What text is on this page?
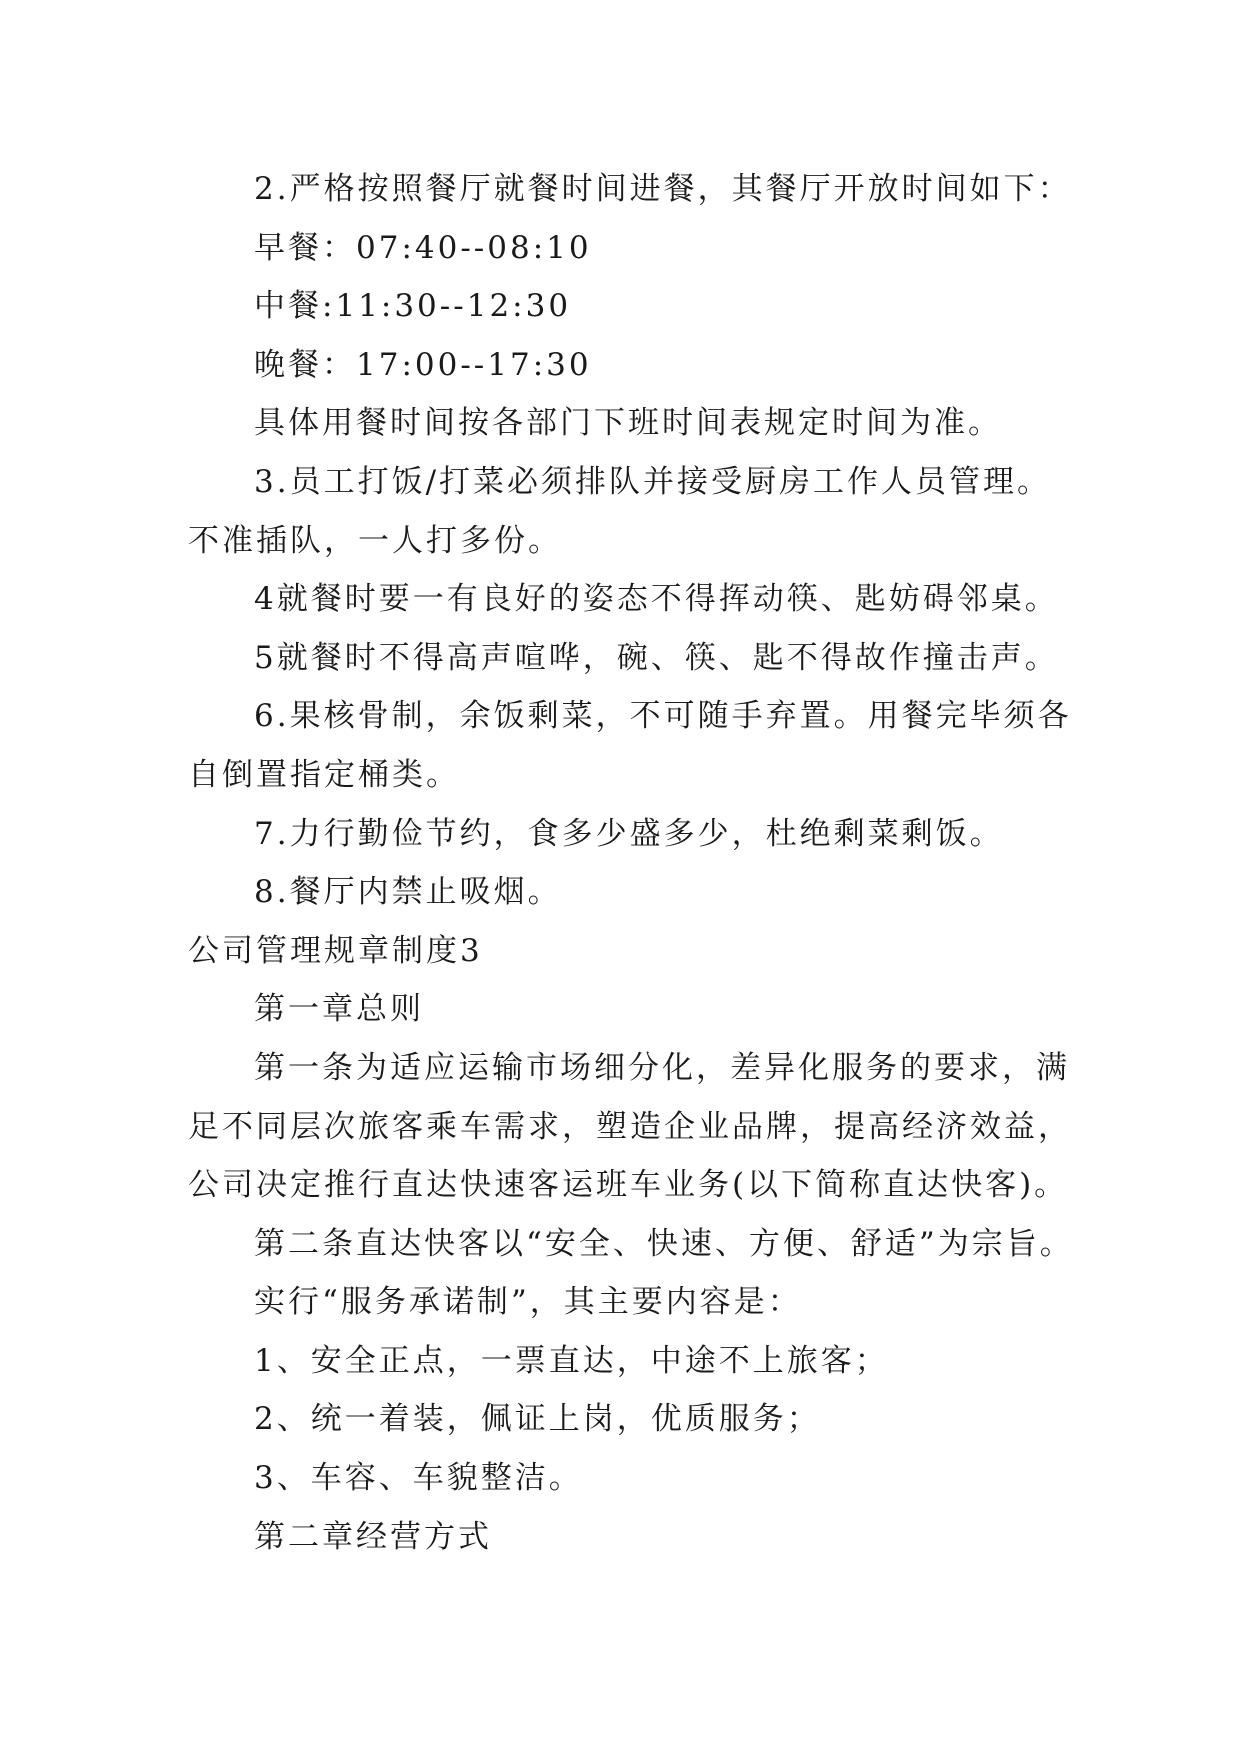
2.严格按照餐厅就餐时间进餐，其餐厅开放时间如下：
早餐：07:40--08:10
中餐:11:30--12:30
晚餐：17:00--17:30
具体用餐时间按各部门下班时间表规定时间为准。
3.员工打饭/打菜必须排队并接受厨房工作人员管理。
不准插队，一人打多份。
4就餐时要一有良好的姿态不得挥动筷、匙妨碍邻桌。
5就餐时不得高声喧哗，碗、筷、匙不得故作撞击声。
6.果核骨制，余饭剩菜，不可随手弃置。用餐完毕须各
自倒置指定桶类。
7.力行勤俭节约，食多少盛多少，杜绝剩菜剩饭。
8.餐厅内禁止吸烟。
公司管理规章制度3
第一章总则
第一条为适应运输市场细分化，差异化服务的要求，满
足不同层次旅客乘车需求，塑造企业品牌，提高经济效益，
公司决定推行直达快速客运班车业务(以下简称直达快客)。
第二条直达快客以“安全、快速、方便、舒适”为宗旨。
实行“服务承诺制”，其主要内容是：
1、安全正点，一票直达，中途不上旅客；
2、统一着装，佩证上岗，优质服务；
3、车容、车貌整洁。
第二章经营方式
